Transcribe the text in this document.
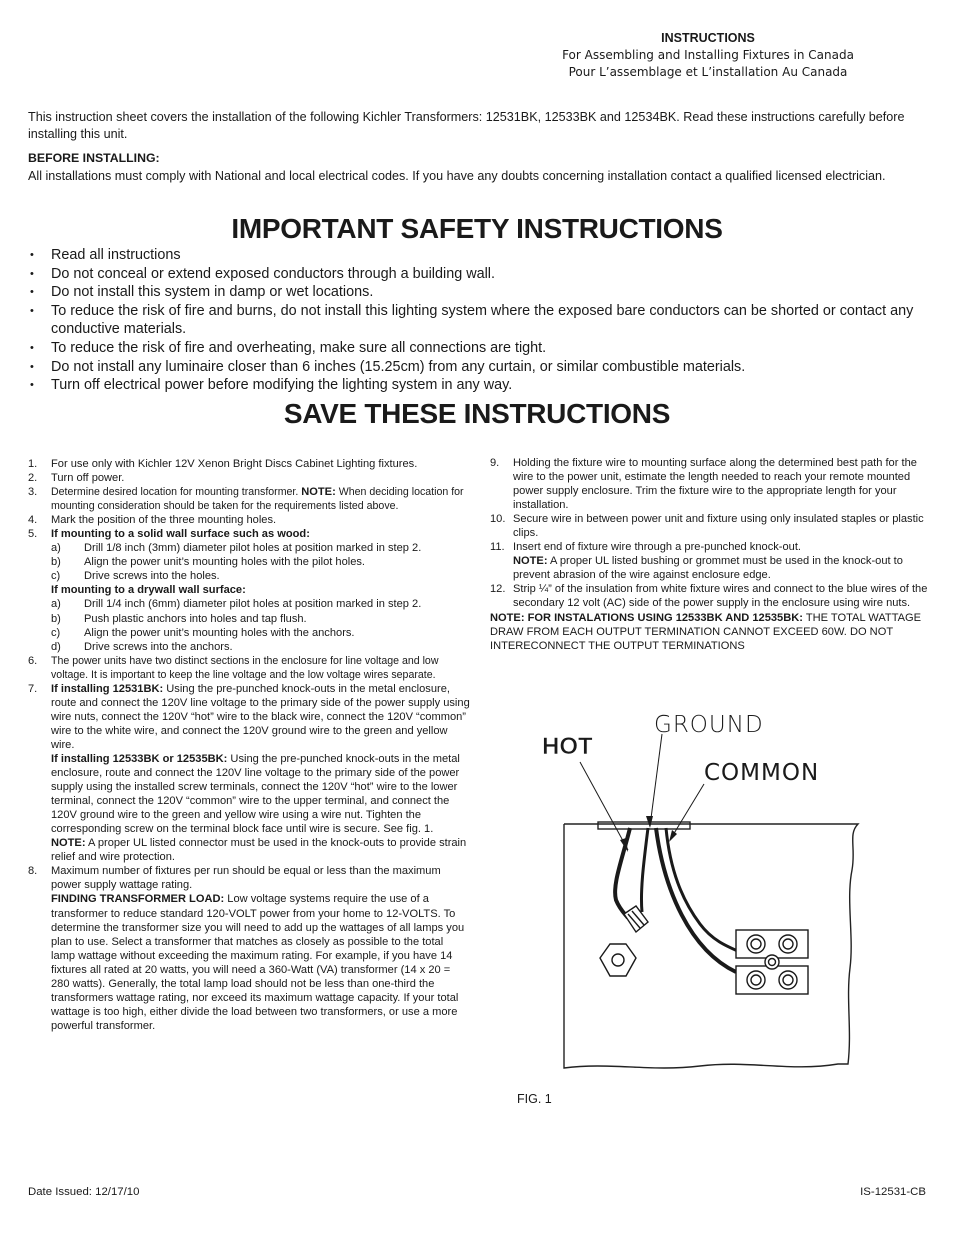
INSTRUCTIONS
For Assembling and Installing Fixtures in Canada
Pour L’assemblage et L’installation Au Canada
This instruction sheet covers the installation of the following Kichler Transformers: 12531BK, 12533BK and 12534BK. Read these instructions carefully before installing this unit.
BEFORE INSTALLING:
All installations must comply with National and local electrical codes. If you have any doubts concerning installation contact a qualified licensed electrician.
IMPORTANT SAFETY INSTRUCTIONS
• Read all instructions
• Do not conceal or extend exposed conductors through a building wall.
• Do not install this system in damp or wet locations.
• To reduce the risk of fire and burns, do not install this lighting system where the exposed bare conductors can be shorted or contact any conductive materials.
• To reduce the risk of fire and overheating, make sure all connections are tight.
• Do not install any luminaire closer than 6 inches (15.25cm) from any curtain, or similar combustible materials.
• Turn off electrical power before modifying the lighting system in any way.
SAVE THESE INSTRUCTIONS
1. For use only with Kichler 12V Xenon Bright Discs Cabinet Lighting fixtures.
2. Turn off power.
3. Determine desired location for mounting transformer. NOTE: When deciding location for mounting consideration should be taken for the requirements listed above.
4. Mark the position of the three mounting holes.
5. If mounting to a solid wall surface such as wood:
a) Drill 1/8 inch (3mm) diameter pilot holes at position marked in step 2.
b) Align the power unit’s mounting holes with the pilot holes.
c) Drive screws into the holes.
If mounting to a drywall wall surface:
a) Drill 1/4 inch (6mm) diameter pilot holes at position marked in step 2.
b) Push plastic anchors into holes and tap flush.
c) Align the power unit’s mounting holes with the anchors.
d) Drive screws into the anchors.
6. The power units have two distinct sections in the enclosure for line voltage and low voltage. It is important to keep the line voltage and the low voltage wires separate.
7. If installing 12531BK: Using the pre-punched knock-outs in the metal enclosure, route and connect the 120V line voltage to the primary side of the power supply using wire nuts, connect the 120V “hot” wire to the black wire, connect the 120V “common” wire to the white wire, and connect the 120V ground wire to the green and yellow wire.
If installing 12533BK or 12535BK: Using the pre-punched knock-outs in the metal enclosure, route and connect the 120V line voltage to the primary side of the power supply using the installed screw terminals, connect the 120V “hot” wire to the lower terminal, connect the 120V “common” wire to the upper terminal, and connect the 120V ground wire to the green and yellow wire using a wire nut. Tighten the corresponding screw on the terminal block face until wire is secure. See fig. 1.
NOTE: A proper UL listed connector must be used in the knock-outs to provide strain relief and wire protection.
8. Maximum number of fixtures per run should be equal or less than the maximum power supply wattage rating.
FINDING TRANSFORMER LOAD: Low voltage systems require the use of a transformer to reduce standard 120-VOLT power from your home to 12-VOLTS. To determine the transformer size you will need to add up the wattages of all lamps you plan to use. Select a transformer that matches as closely as possible to the total lamp wattage without exceeding the maximum rating. For example, if you have 14 fixtures all rated at 20 watts, you will need a 360-Watt (VA) transformer (14 x 20 = 280 watts). Generally, the total lamp load should not be less than one-third the transformers wattage rating, nor exceed its maximum wattage capacity. If your total wattage is too high, either divide the load between two transformers, or use a more powerful transformer.
9. Holding the fixture wire to mounting surface along the determined best path for the wire to the power unit, estimate the length needed to reach your remote mounted power supply enclosure. Trim the fixture wire to the appropriate length for your installation.
10. Secure wire in between power unit and fixture using only insulated staples or plastic clips.
11. Insert end of fixture wire through a pre-punched knock-out.
NOTE: A proper UL listed bushing or grommet must be used in the knock-out to prevent abrasion of the wire against enclosure edge.
12. Strip ¼” of the insulation from white fixture wires and connect to the blue wires of the secondary 12 volt (AC) side of the power supply in the enclosure using wire nuts.
NOTE: FOR INSTALATIONS USING 12533BK AND 12535BK: THE TOTAL WATTAGE DRAW FROM EACH OUTPUT TERMINATION CANNOT EXCEED 60W. DO NOT INTERECONNECT THE OUTPUT TERMINATIONS
HOT
GROUND
COMMON
FIG. 1
Date Issued: 12/17/10	IS-12531-CB
